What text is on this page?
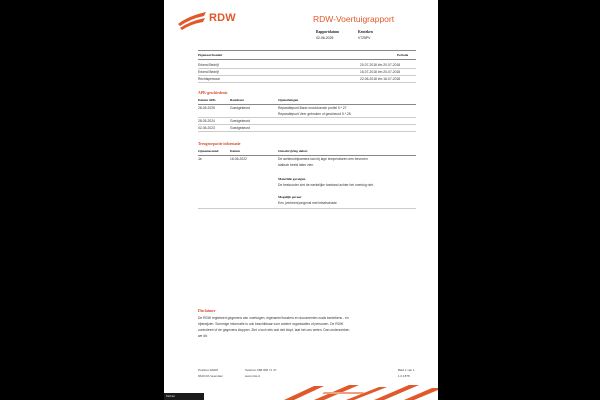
RDW	RDW-Voertuigrapport
Rapportdatum
02-06-2025
Kenteken
V725PV
Eigenaar/houder	Periode
Erkend Bedrijf	20-07-2018 t/m 20-07-2018
Erkend Bedrijf	16-07-2018 t/m 20-07-2018
Rechtspersoon	22-06-2018 t/m 16-07-2018
APK-geschiedenis
Datum APK	Resultaat	Opmerkingen
28-05-2025	Goedgekeurd	Reparatiepunt Band onvoldoende profiel 5.*.27
Reparatiepunt Veer gebroken of gescheurd 5.*.28
28-05-2024	Goedgekeurd
02-06-2023	Goedgekeurd
Terugroepactie informatie
Opnamestand	Datum	Omschrijving defect
Ja	16-06-2022	De achteruitrijcamera kan bij lage temperaturen een bevroren
statisch beeld laten zien.
Materiële gevolgen
De bestuurder ziet de werkelijke toestand achter het voertuig niet.
Mogelijk gevaar
Een (verkeers)ongeval met letselschade
Disclaimer
De RDW registreert gegevens van voertuigen, eigenaren/houders en documenten zoals kentekens - en
rijbewijzen. Sommige informatie is ook beschikbaar voor andere organisaties of personen. De RDW
controleert of de gegevens kloppen. Ziet u toch iets wat niet klopt, laat het ons weten. Dan onderzoeken
we dit.
Postbus 30000
9640 RA Veendam
Telefoon 088 008 71 47
www.rdw.nl
Blad 1 van 1
1.0.1878
Mobiel
